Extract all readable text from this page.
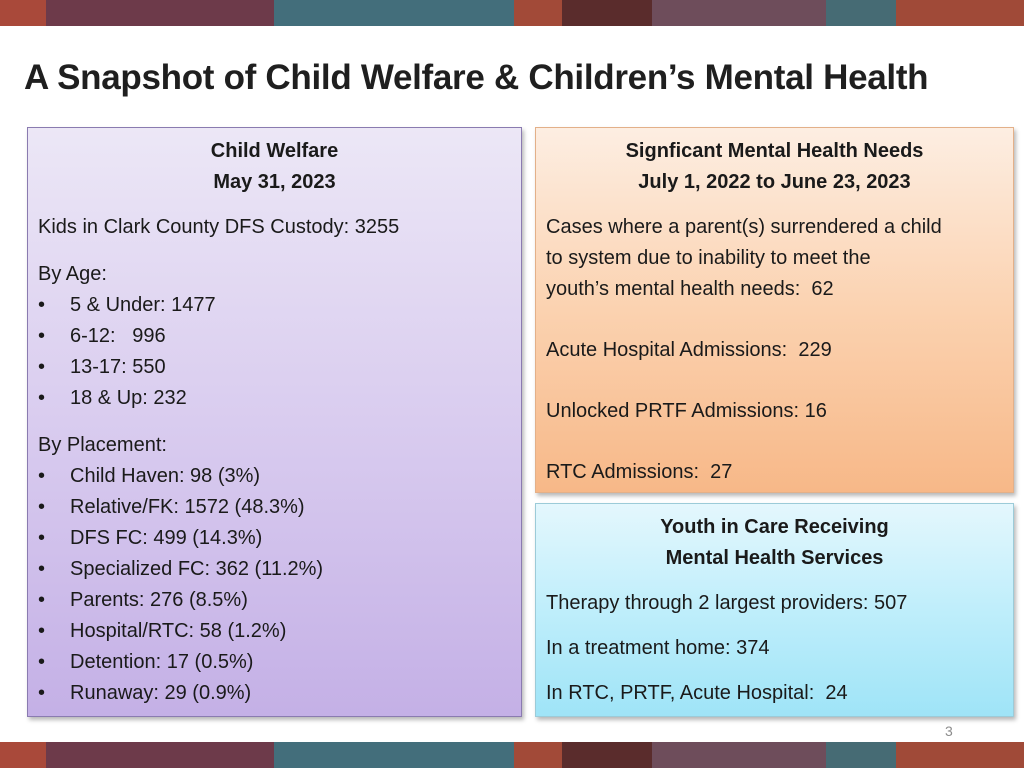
A Snapshot of Child Welfare & Children’s Mental Health
Child Welfare
May 31, 2023
Kids in Clark County DFS Custody: 3255
By Age:
• 5 & Under: 1477
• 6-12:   996
• 13-17: 550
• 18 & Up: 232
By Placement:
• Child Haven: 98 (3%)
• Relative/FK: 1572 (48.3%)
• DFS FC: 499 (14.3%)
• Specialized FC: 362 (11.2%)
• Parents: 276 (8.5%)
• Hospital/RTC: 58 (1.2%)
• Detention: 17 (0.5%)
• Runaway: 29 (0.9%)
Signficant Mental Health Needs
July 1, 2022 to June 23, 2023
Cases where a parent(s) surrendered a child
to system due to inability to meet the
youth’s mental health needs:  62
Acute Hospital Admissions:  229
Unlocked PRTF Admissions: 16
RTC Admissions:  27
Youth in Care Receiving
Mental Health Services
Therapy through 2 largest providers: 507
In a treatment home: 374
In RTC, PRTF, Acute Hospital:  24
3
